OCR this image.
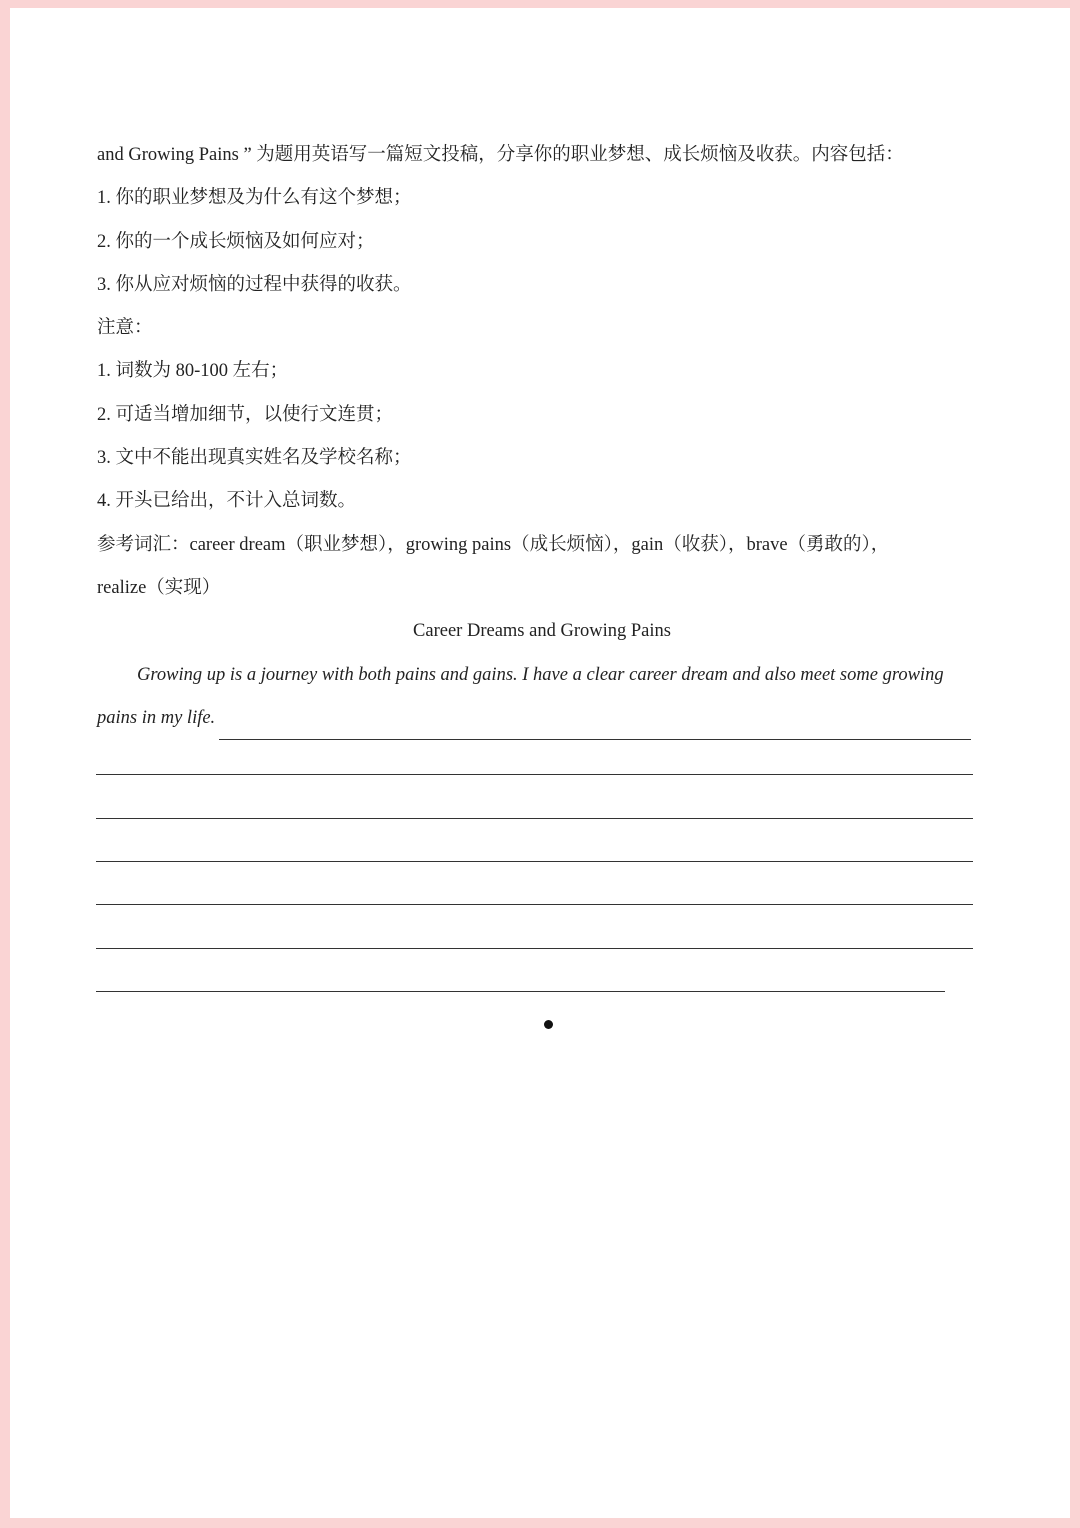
and Growing Pains ” 为题用英语写一篇短文投稿，分享你的职业梦想、成长烦恼及收获。内容包括：
1. 你的职业梦想及为什么有这个梦想；
2. 你的一个成长烦恼及如何应对；
3. 你从应对烦恼的过程中获得的收获。
注意：
1. 词数为 80-100 左右；
2. 可适当增加细节，以使行文连贯；
3. 文中不能出现真实姓名及学校名称；
4. 开头已给出，不计入总词数。
参考词汇：career dream（职业梦想），growing pains（成长烦恼），gain（收获），brave（勇敢的），
realize（实现）
Career Dreams and Growing Pains
Growing up is a journey with both pains and gains. I have a clear career dream and also meet some growing
pains in my life.
